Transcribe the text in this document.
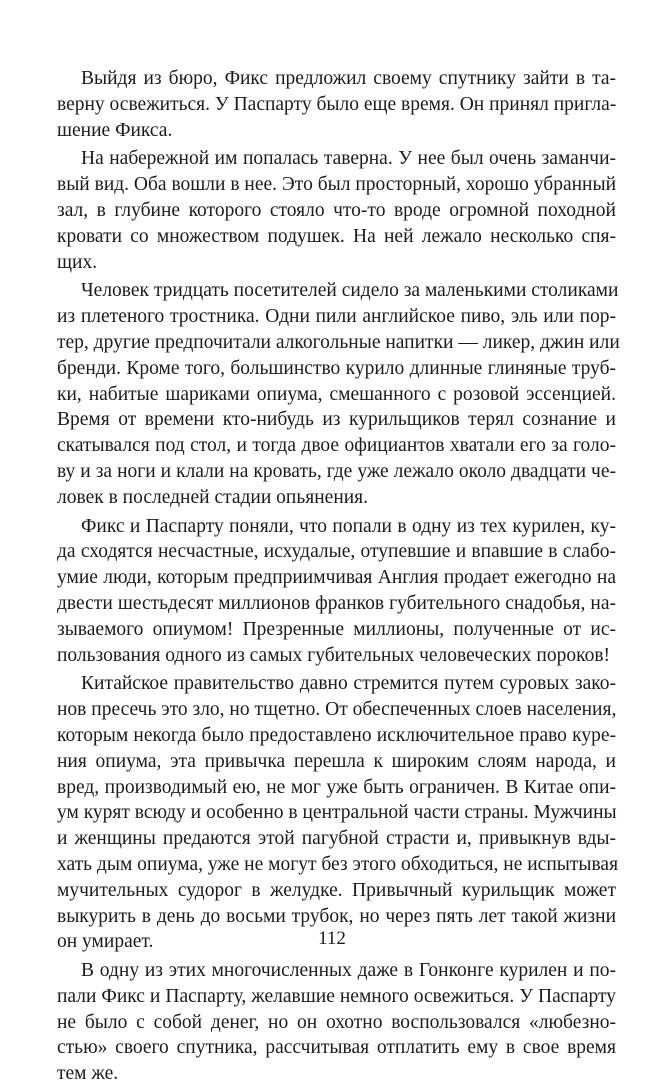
Выйдя из бюро, Фикс предложил своему спутнику зайти в та-
верну освежиться. У Паспарту было еще время. Он принял пригла-
шение Фикса.
На набережной им попалась таверна. У нее был очень заманчи-
вый вид. Оба вошли в нее. Это был просторный, хорошо убранный
зал, в глубине которого стояло что-то вроде огромной походной
кровати со множеством подушек. На ней лежало несколько спя-
щих.
Человек тридцать посетителей сидело за маленькими столиками
из плетеного тростника. Одни пили английское пиво, эль или пор-
тер, другие предпочитали алкогольные напитки — ликер, джин или
бренди. Кроме того, большинство курило длинные глиняные труб-
ки, набитые шариками опиума, смешанного с розовой эссенцией.
Время от времени кто-нибудь из курильщиков терял сознание и
скатывался под стол, и тогда двое официантов хватали его за голо-
ву и за ноги и клали на кровать, где уже лежало около двадцати че-
ловек в последней стадии опьянения.
Фикс и Паспарту поняли, что попали в одну из тех курилен, ку-
да сходятся несчастные, исхудалые, отупевшие и впавшие в слабо-
умие люди, которым предприимчивая Англия продает ежегодно на
двести шестьдесят миллионов франков губительного снадобья, на-
зываемого опиумом! Презренные миллионы, полученные от ис-
пользования одного из самых губительных человеческих пороков!
Китайское правительство давно стремится путем суровых зако-
нов пресечь это зло, но тщетно. От обеспеченных слоев населения,
которым некогда было предоставлено исключительное право куре-
ния опиума, эта привычка перешла к широким слоям народа, и
вред, производимый ею, не мог уже быть ограничен. В Китае опи-
ум курят всюду и особенно в центральной части страны. Мужчины
и женщины предаются этой пагубной страсти и, привыкнув вды-
хать дым опиума, уже не могут без этого обходиться, не испытывая
мучительных судорог в желудке. Привычный курильщик может
выкурить в день до восьми трубок, но через пять лет такой жизни
он умирает.
В одну из этих многочисленных даже в Гонконге курилен и по-
пали Фикс и Паспарту, желавшие немного освежиться. У Паспарту
не было с собой денег, но он охотно воспользовался «любезно-
стью» своего спутника, рассчитывая отплатить ему в свое время
тем же.
112
